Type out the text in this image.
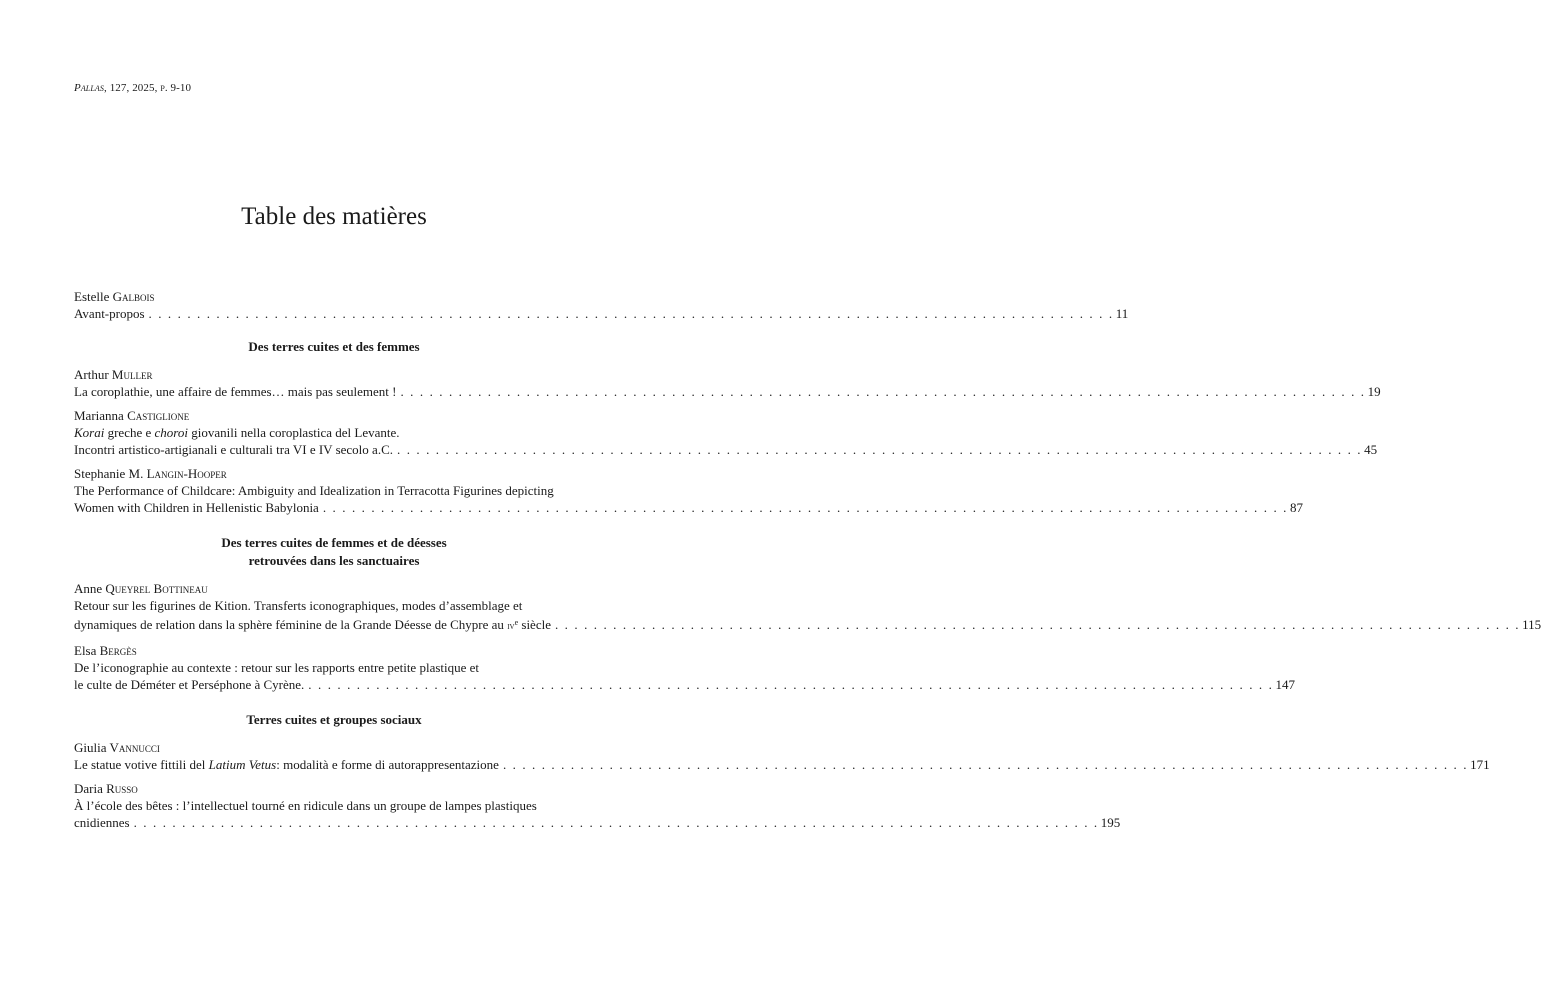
Pallas, 127, 2025, p. 9-10
Table des matières
Estelle Galbois
Avant-propos . . .	11
Des terres cuites et des femmes
Arthur Muller
La coroplathie, une affaire de femmes… mais pas seulement ! . . .	19
Marianna Castiglione
Korai greche e choroi giovanili nella coroplastica del Levante.
Incontri artistico-artigianali e culturali tra VI e IV secolo a.C. . . .	45
Stephanie M. Langin-Hooper
The Performance of Childcare: Ambiguity and Idealization in Terracotta Figurines depicting
Women with Children in Hellenistic Babylonia . . .	87
Des terres cuites de femmes et de déesses
retrouvées dans les sanctuaires
Anne Queyrel Bottineau
Retour sur les figurines de Kition. Transferts iconographiques, modes d’assemblage et
dynamiques de relation dans la sphère féminine de la Grande Déesse de Chypre au $iv^e$ siècle . . .	115
Elsa Bergès
De l’iconographie au contexte : retour sur les rapports entre petite plastique et
le culte de Déméter et Perséphone à Cyrène. . . .	147
Terres cuites et groupes sociaux
Giulia Vannucci
Le statue votive fittili del Latium Vetus: modalità e forme di autorappresentazione . . .	171
Daria Russo
À l’école des bêtes : l’intellectuel tourné en ridicule dans un groupe de lampes plastiques
cnidiennes . . .	195
